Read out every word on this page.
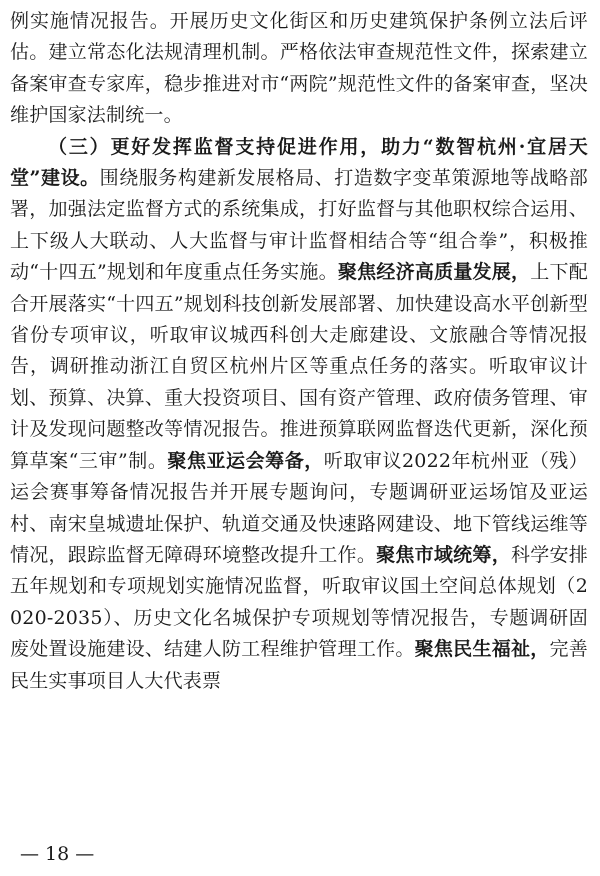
例实施情况报告。开展历史文化街区和历史建筑保护条例立法后评估。建立常态化法规清理机制。严格依法审查规范性文件，探索建立备案审查专家库，稳步推进对市“两院”规范性文件的备案审查，坚决维护国家法制统一。

（三）更好发挥监督支持促进作用，助力“数智杭州·宜居天堂”建设。围绕服务构建新发展格局、打造数字变革策源地等战略部署，加强法定监督方式的系统集成，打好监督与其他职权综合运用、上下级人大联动、人大监督与审计监督相结合等“组合拳”，积极推动“十四五”规划和年度重点任务实施。聚焦经济高质量发展，上下配合开展落实“十四五”规划科技创新发展部署、加快建设高水平创新型省份专项审议，听取审议城西科创大走廊建设、文旅融合等情况报告，调研推动浙江自贸区杭州片区等重点任务的落实。听取审议计划、预算、决算、重大投资项目、国有资产管理、政府债务管理、审计及发现问题整改等情况报告。推进预算联网监督迭代更新，深化预算草案“三审”制。聚焦亚运会筹备，听取审议2022年杭州亚（残）运会赛事筹备情况报告并开展专题询问，专题调研亚运场馆及亚运村、南宋皇城遗址保护、轨道交通及快速路网建设、地下管线运维等情况，跟踪监督无障碍环境整改提升工作。聚焦市域统筹，科学安排五年规划和专项规划实施情况监督，听取审议国土空间总体规划（2020-2035）、历史文化名城保护专项规划等情况报告，专题调研固废处置设施建设、结建人防工程维护管理工作。聚焦民生福祉，完善民生实事项目人大代表票

— 18 —
